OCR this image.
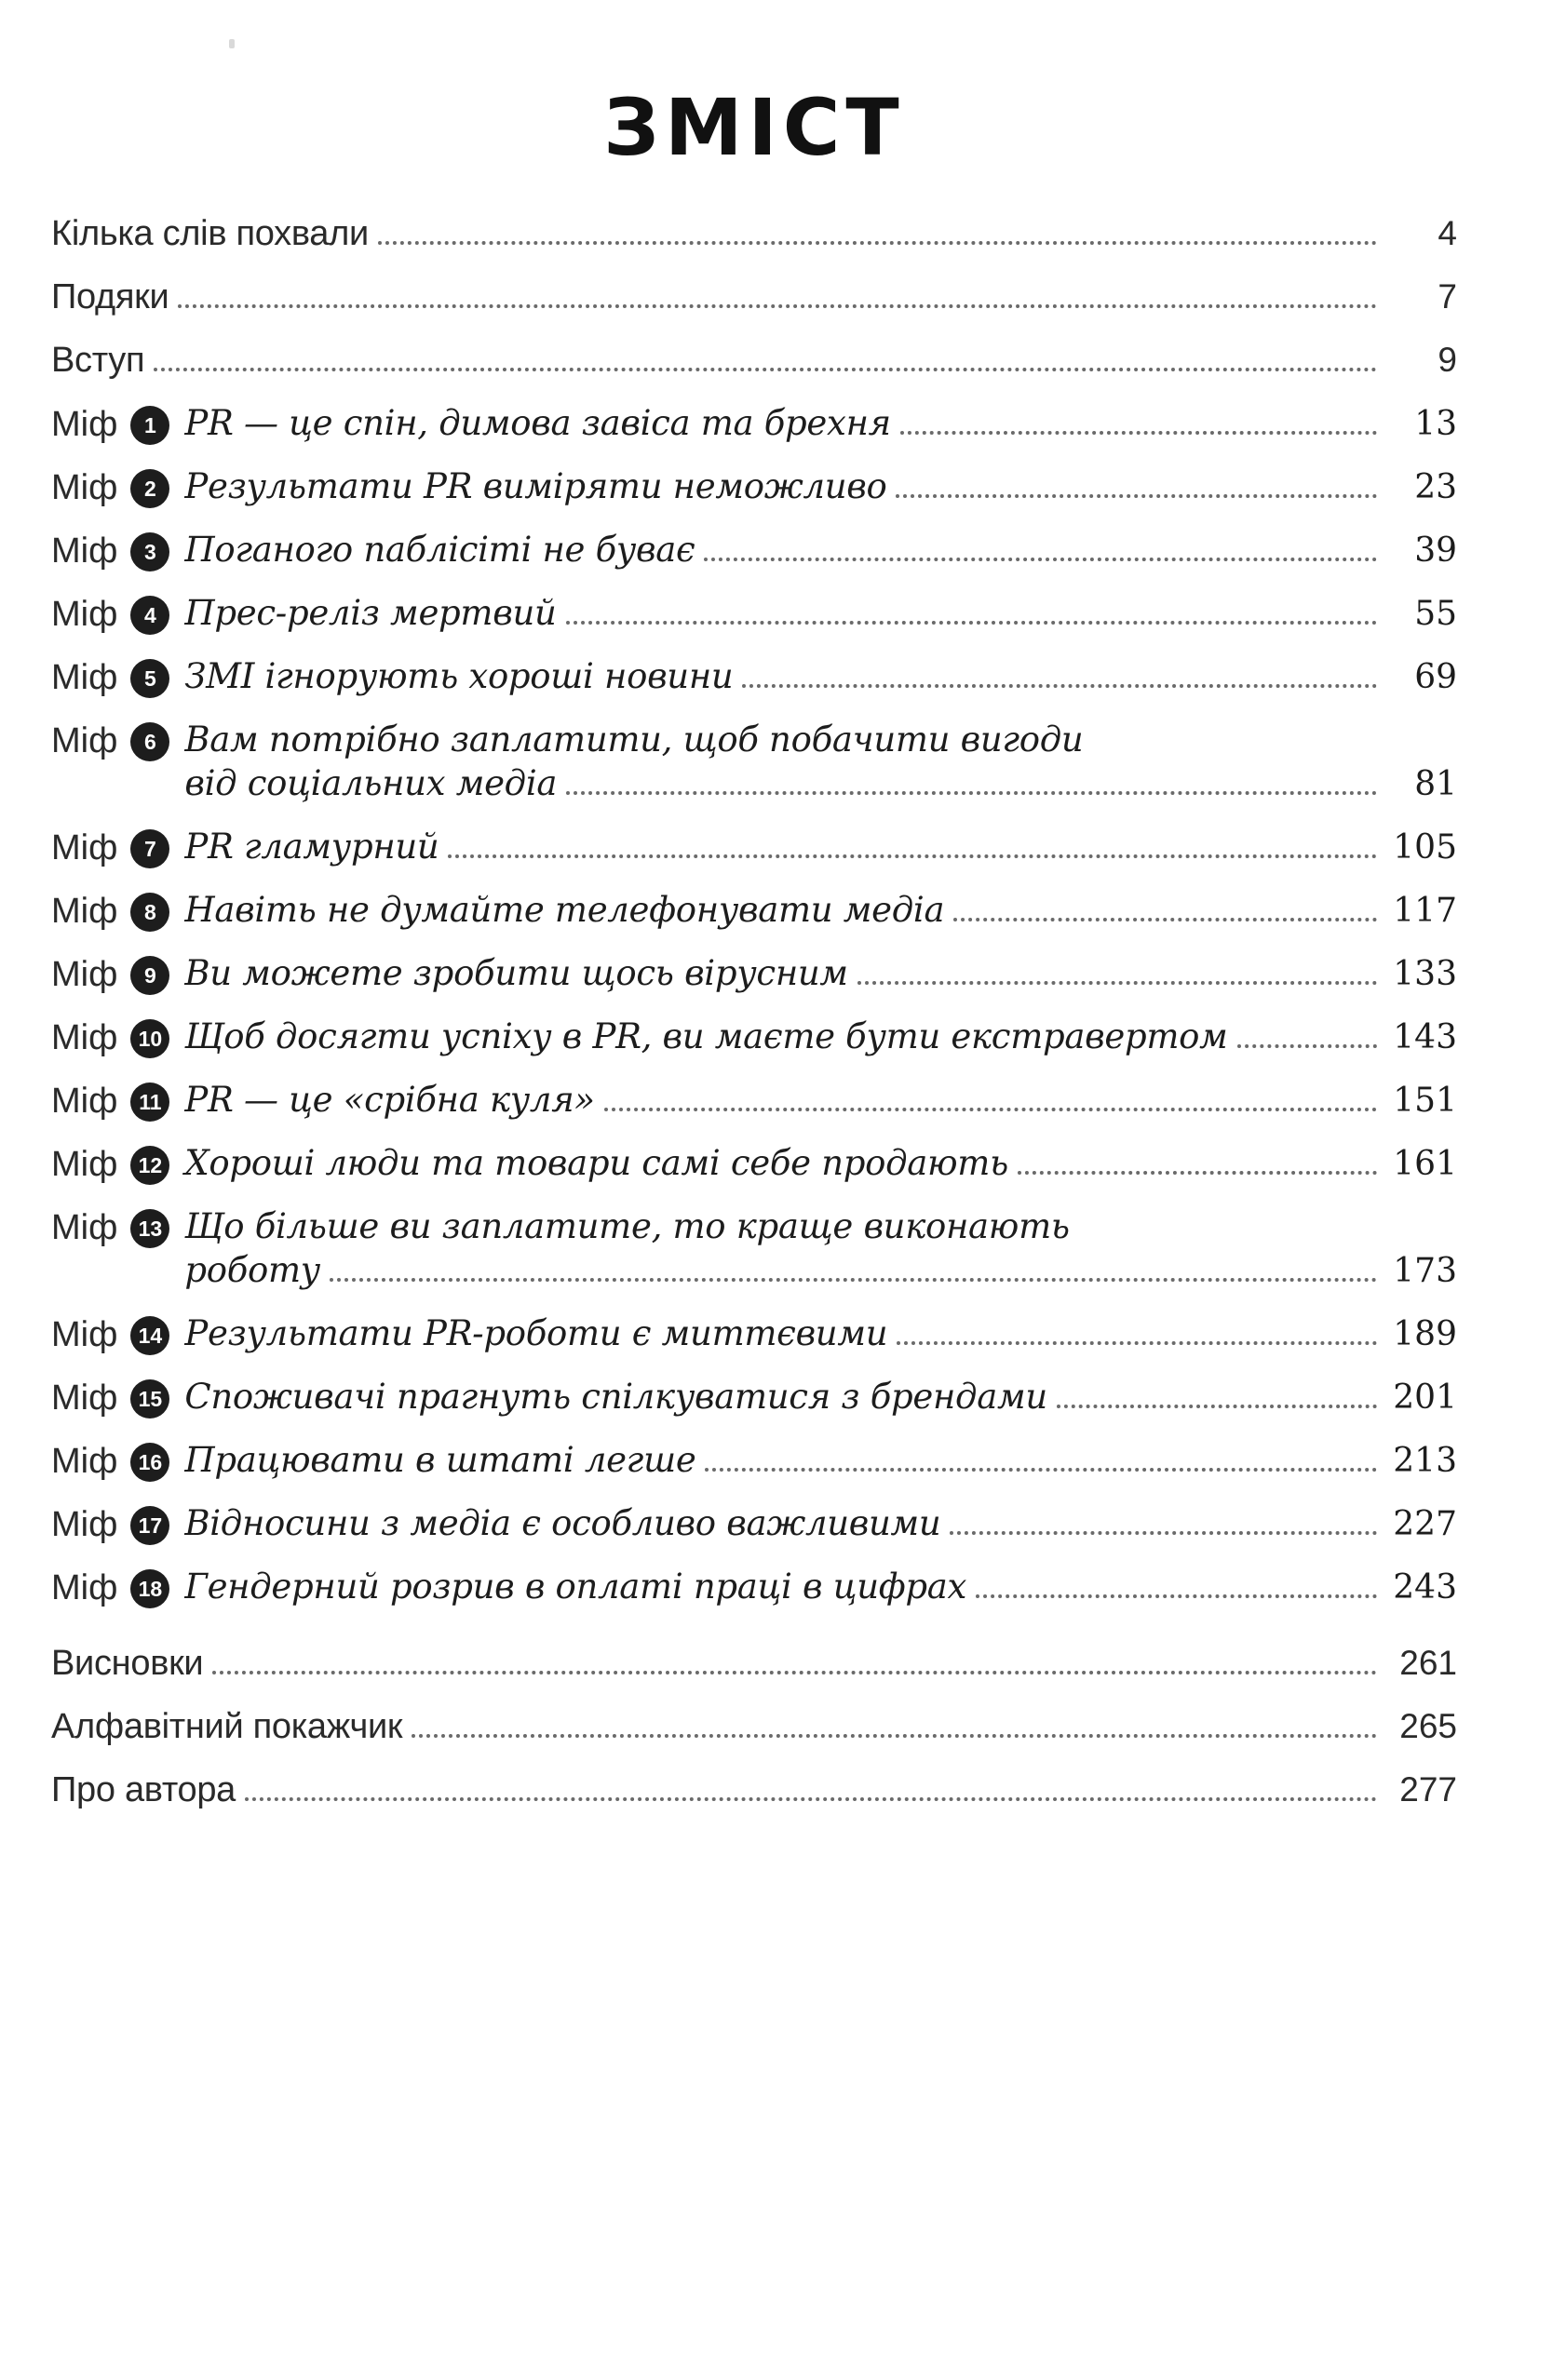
ЗМІСТ
Кілька слів похвали	4
Подяки	7
Вступ	9
Міф	1 PR — це спін, димова завіса та брехня	13
Міф	2 Результати PR виміряти неможливо	23
Міф	3 Поганого паблісіті не буває	39
Міф	4 Прес-реліз мертвий	55
Міф	5 ЗМІ ігнорують хороші новини	69
Міф	6 Вам потрібно заплатити, щоб побачити вигоди
від соціальних медіа	81
Міф	7 PR гламурний	105
Міф	8 Навіть не думайте телефонувати медіа	117
Міф	9 Ви можете зробити щось вірусним	133
Міф 10 Щоб досягти успіху в PR, ви маєте бути екстравертом	143
Міф 11 PR — це «срібна куля»	151
Міф 12 Хороші люди та товари самі себе продають	161
Міф 13 Що більше ви заплатите, то краще виконають
роботу	173
Міф 14 Результати PR-роботи є миттєвими	189
Міф 15 Споживачі прагнуть спілкуватися з брендами	201
Міф 16 Працювати в штаті легше	213
Міф 17 Відносини з медіа є особливо важливими	227
Міф 18 Гендерний розрив в оплаті праці в цифрах	243
Висновки	261
Алфавітний покажчик	265
Про автора	277
